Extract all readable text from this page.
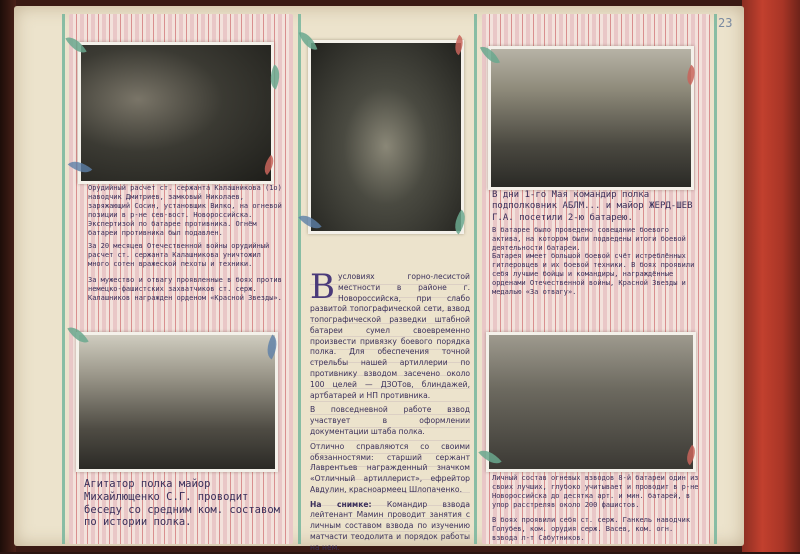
23
Орудийный расчет ст. сержанта Калашникова (1о) наводчик Дмитриев, замковый Николаев, заряжающий Сосин, установщик Вилко, на огневой позиции в р-не сев-вост. Новороссийска. Экспертизой по батарее противника. Огнём батареи противника был подавлен.
За 20 месяцев Отечественной войны орудийный расчет ст. сержанта Калашникова уничтожил много сотен вражеской пехоты и техники.
За мужество и отвагу проявленные в боях против немецко-фашистских захватчиков ст. серж. Калашников награжден орденом «Красной Звезды».
Агитатор полка майор Михайлющенко С.Г. проводит беседу со средним ком. составом по истории полка.
Вусловиях горно-лесистой местности в районе г. Новороссийска, при слабо развитой топографической сети, взвод топографической разведки штабной батареи сумел своевременно произвести привязку боевого порядка полка. Для обеспечения точной стрельбы нашей артиллерии по противнику взводом засечено около 100 целей — ДЗОТов, блиндажей, артбатарей и НП противника.
В повседневной работе взвод участвует в оформлении документации штаба полка.
Отлично справляются со своими обязанностями: старший сержант Лаврентьев награжденный значком «Отличный артиллерист», ефрейтор Авдулин, красноармеец Шлопаченко.
На снимке: Командир взвода лейтенант Мамин проводит занятия с личным составом взвода по изучению матчасти теодолита и порядок работы на нем.
В дни 1-го Мая командир полка подполковник АБЛМ... и майор ЖЕРД-ШЕВ Г.А. посетили 2-ю батарею.
В батарее было проведено совещание боевого актива, на котором были подведены итоги боевой деятельности батареи.
Батарея имеет большой боевой счёт истреблённых гитлеровцев и их боевой техники. В боях проявили себя лучшие бойцы и командиры, награждённые орденами Отечественной войны, Красной Звезды и медалью «За отвагу».
Личный состав огневых взводов 8-й батареи один из своих лучших, глубоко учитывает и проводит в р-не Новороссийска до десятка арт. и мин. батарей, в упор расстреляв около 200 фашистов.
В боях проявили себя ст. серж. Ганкель наводчик Голубев, ком. орудия серж. Васев, ком. огн. взвода л-т Сабутников.
